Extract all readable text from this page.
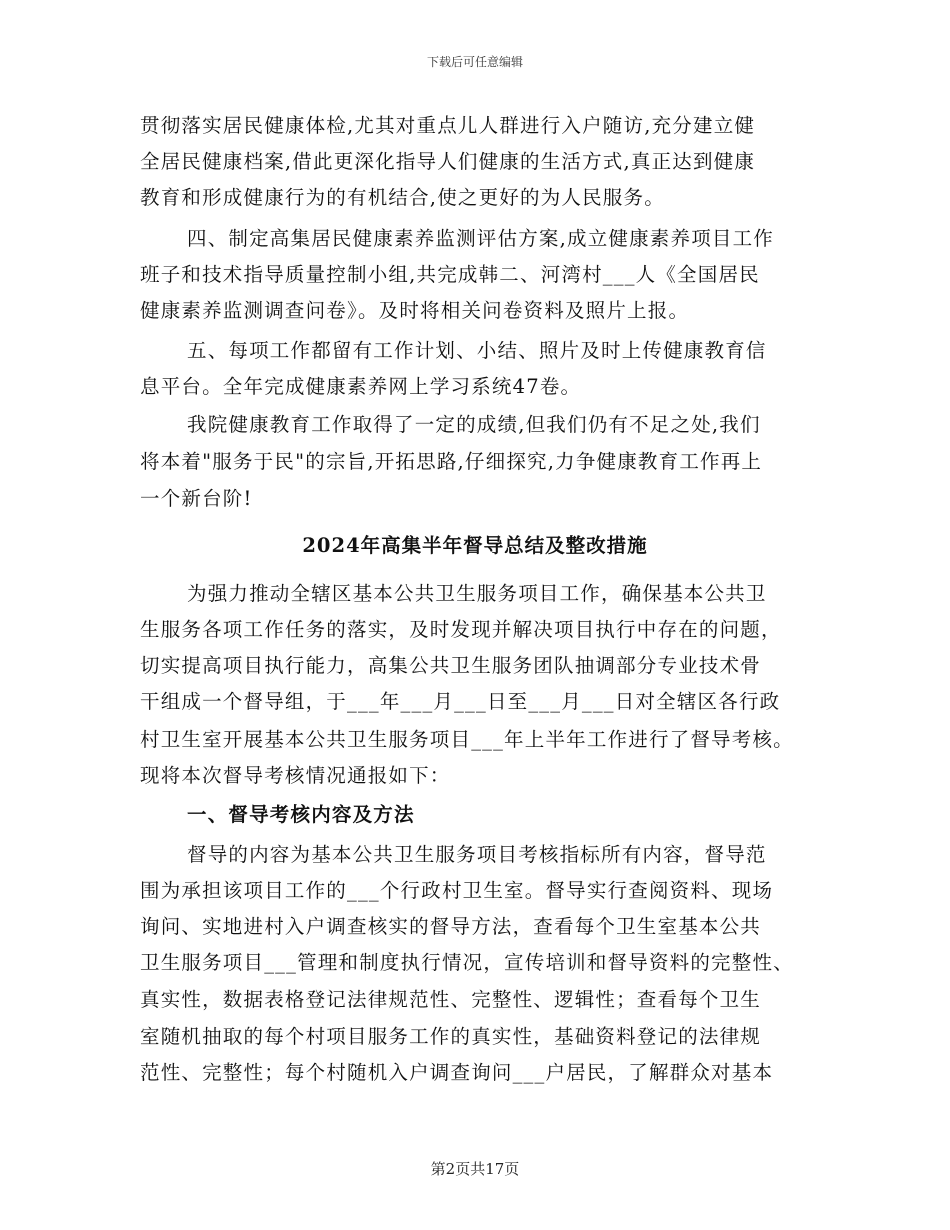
下载后可任意编辑
贯彻落实居民健康体检,尤其对重点儿人群进行入户随访,充分建立健
全居民健康档案,借此更深化指导人们健康的生活方式,真正达到健康
教育和形成健康行为的有机结合,使之更好的为人民服务。
四、制定高集居民健康素养监测评估方案,成立健康素养项目工作
班子和技术指导质量控制小组,共完成韩二、河湾村___人《全国居民
健康素养监测调查问卷》。及时将相关问卷资料及照片上报。
五、每项工作都留有工作计划、小结、照片及时上传健康教育信
息平台。全年完成健康素养网上学习系统47卷。
我院健康教育工作取得了一定的成绩,但我们仍有不足之处,我们
将本着"服务于民"的宗旨,开拓思路,仔细探究,力争健康教育工作再上
一个新台阶!
2024年高集半年督导总结及整改措施
为强力推动全辖区基本公共卫生服务项目工作，确保基本公共卫
生服务各项工作任务的落实，及时发现并解决项目执行中存在的问题，
切实提高项目执行能力，高集公共卫生服务团队抽调部分专业技术骨
干组成一个督导组，于___年___月___日至___月___日对全辖区各行政
村卫生室开展基本公共卫生服务项目___年上半年工作进行了督导考核。
现将本次督导考核情况通报如下：
一、督导考核内容及方法
督导的内容为基本公共卫生服务项目考核指标所有内容，督导范
围为承担该项目工作的___个行政村卫生室。督导实行查阅资料、现场
询问、实地进村入户调查核实的督导方法，查看每个卫生室基本公共
卫生服务项目___管理和制度执行情况，宣传培训和督导资料的完整性、
真实性，数据表格登记法律规范性、完整性、逻辑性；查看每个卫生
室随机抽取的每个村项目服务工作的真实性，基础资料登记的法律规
范性、完整性；每个村随机入户调查询问___户居民，了解群众对基本
第2页共17页
